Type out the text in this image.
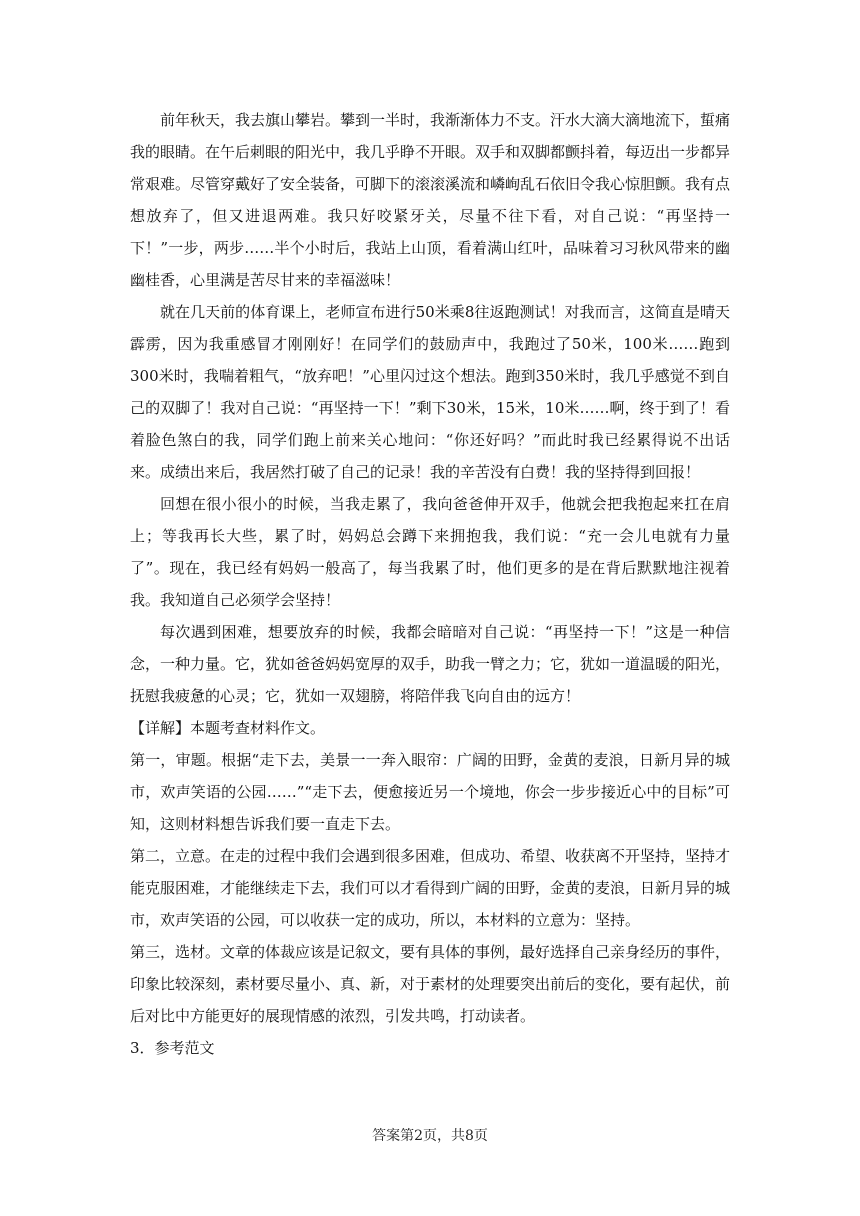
前年秋天，我去旗山攀岩。攀到一半时，我渐渐体力不支。汗水大滴大滴地流下，蜇痛我的眼睛。在午后刺眼的阳光中，我几乎睁不开眼。双手和双脚都颤抖着，每迈出一步都异常艰难。尽管穿戴好了安全装备，可脚下的滚滚溪流和嶙峋乱石依旧令我心惊胆颤。我有点想放弃了，但又进退两难。我只好咬紧牙关，尽量不往下看，对自己说：“再坚持一下！”一步，两步……半个小时后，我站上山顶，看着满山红叶，品味着习习秋风带来的幽幽桂香，心里满是苦尽甘来的幸福滋味！

就在几天前的体育课上，老师宣布进行50米乘8往返跑测试！对我而言，这简直是晴天霹雳，因为我重感冒才刚刚好！在同学们的鼓励声中，我跑过了50米，100米……跑到300米时，我喘着粗气，“放弃吧！”心里闪过这个想法。跑到350米时，我几乎感觉不到自己的双脚了！我对自己说：“再坚持一下！”剩下30米，15米，10米……啊，终于到了！看着脸色煞白的我，同学们跑上前来关心地问：“你还好吗？”而此时我已经累得说不出话来。成绩出来后，我居然打破了自己的记录！我的辛苦没有白费！我的坚持得到回报！

回想在很小很小的时候，当我走累了，我向爸爸伸开双手，他就会把我抱起来扛在肩上；等我再长大些，累了时，妈妈总会蹲下来拥抱我，我们说：“充一会儿电就有力量了”。现在，我已经有妈妈一般高了，每当我累了时，他们更多的是在背后默默地注视着我。我知道自己必须学会坚持！

每次遇到困难，想要放弃的时候，我都会暗暗对自己说：“再坚持一下！”这是一种信念，一种力量。它，犹如爸爸妈妈宽厚的双手，助我一臂之力；它，犹如一道温暖的阳光，抚慰我疲惫的心灵；它，犹如一双翅膀，将陪伴我飞向自由的远方！

【详解】本题考查材料作文。

第一，审题。根据“走下去，美景一一奔入眼帘：广阔的田野，金黄的麦浪，日新月异的城市，欢声笑语的公园……”“走下去，便愈接近另一个境地，你会一步步接近心中的目标”可知，这则材料想告诉我们要一直走下去。

第二，立意。在走的过程中我们会遇到很多困难，但成功、希望、收获离不开坚持，坚持才能克服困难，才能继续走下去，我们可以才看得到广阔的田野，金黄的麦浪，日新月异的城市，欢声笑语的公园，可以收获一定的成功，所以，本材料的立意为：坚持。

第三，选材。文章的体裁应该是记叙文，要有具体的事例，最好选择自己亲身经历的事件，印象比较深刻，素材要尽量小、真、新，对于素材的处理要突出前后的变化，要有起伏，前后对比中方能更好的展现情感的浓烈，引发共鸣，打动读者。

3．参考范文

答案第2页，共8页
